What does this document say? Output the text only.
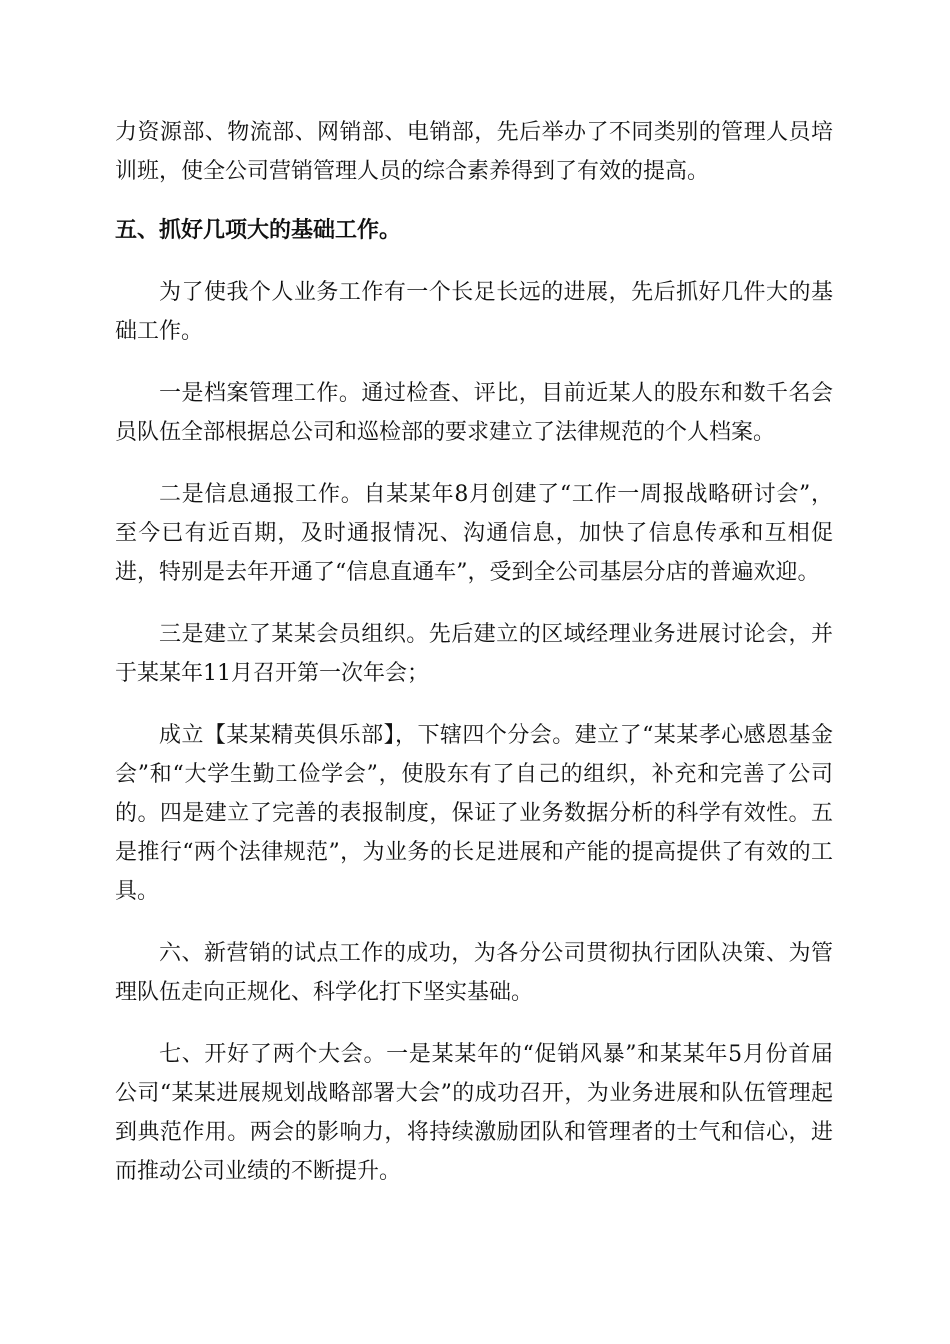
力资源部、物流部、网销部、电销部，先后举办了不同类别的管理人员培训班，使全公司营销管理人员的综合素养得到了有效的提高。

五、抓好几项大的基础工作。

为了使我个人业务工作有一个长足长远的进展，先后抓好几件大的基础工作。

一是档案管理工作。通过检查、评比，目前近某人的股东和数千名会员队伍全部根据总公司和巡检部的要求建立了法律规范的个人档案。

二是信息通报工作。自某某年8月创建了“工作一周报战略研讨会”，至今已有近百期，及时通报情况、沟通信息，加快了信息传承和互相促进，特别是去年开通了“信息直通车”，受到全公司基层分店的普遍欢迎。

三是建立了某某会员组织。先后建立的区域经理业务进展讨论会，并于某某年11月召开第一次年会；

成立【某某精英俱乐部】，下辖四个分会。建立了“某某孝心感恩基金会”和“大学生勤工俭学会”，使股东有了自己的组织，补充和完善了公司的。四是建立了完善的表报制度，保证了业务数据分析的科学有效性。五是推行“两个法律规范”，为业务的长足进展和产能的提高提供了有效的工具。

六、新营销的试点工作的成功，为各分公司贯彻执行团队决策、为管理队伍走向正规化、科学化打下坚实基础。

七、开好了两个大会。一是某某年的“促销风暴”和某某年5月份首届公司“某某进展规划战略部署大会”的成功召开，为业务进展和队伍管理起到典范作用。两会的影响力，将持续激励团队和管理者的士气和信心，进而推动公司业绩的不断提升。
